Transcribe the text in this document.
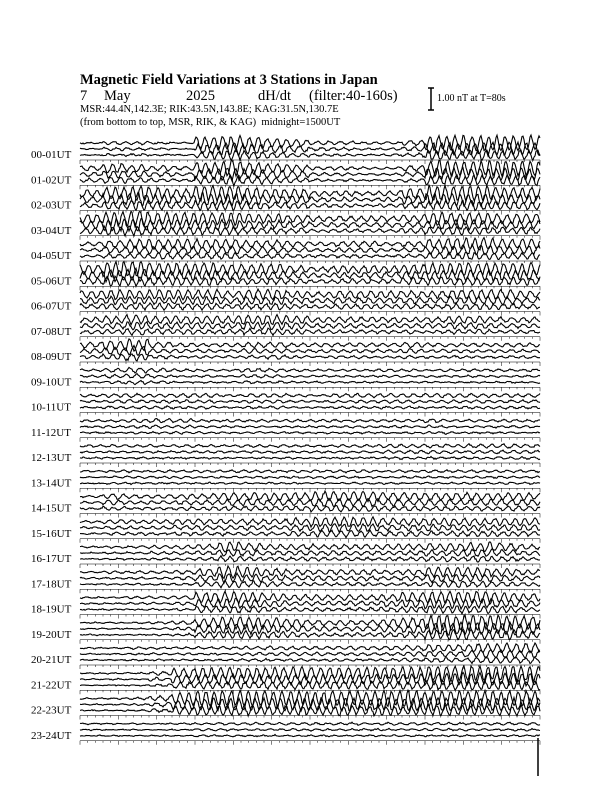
Magnetic Field Variations at 3 Stations in Japan
7 May	2025	dH/dt (filter:40-160s)
MSR:44.4N,142.3E; RIK:43.5N,143.8E; KAG:31.5N,130.7E
(from bottom to top, MSR, RIK, & KAG) midnight=1500UT
1.00 nT at T=80s
00-01UT
01-02UT
02-03UT
03-04UT
04-05UT
05-06UT
06-07UT
07-08UT
08-09UT
09-10UT
10-11UT
11-12UT
12-13UT
13-14UT
14-15UT
15-16UT
16-17UT
17-18UT
18-19UT
19-20UT
20-21UT
21-22UT
22-23UT
23-24UT
